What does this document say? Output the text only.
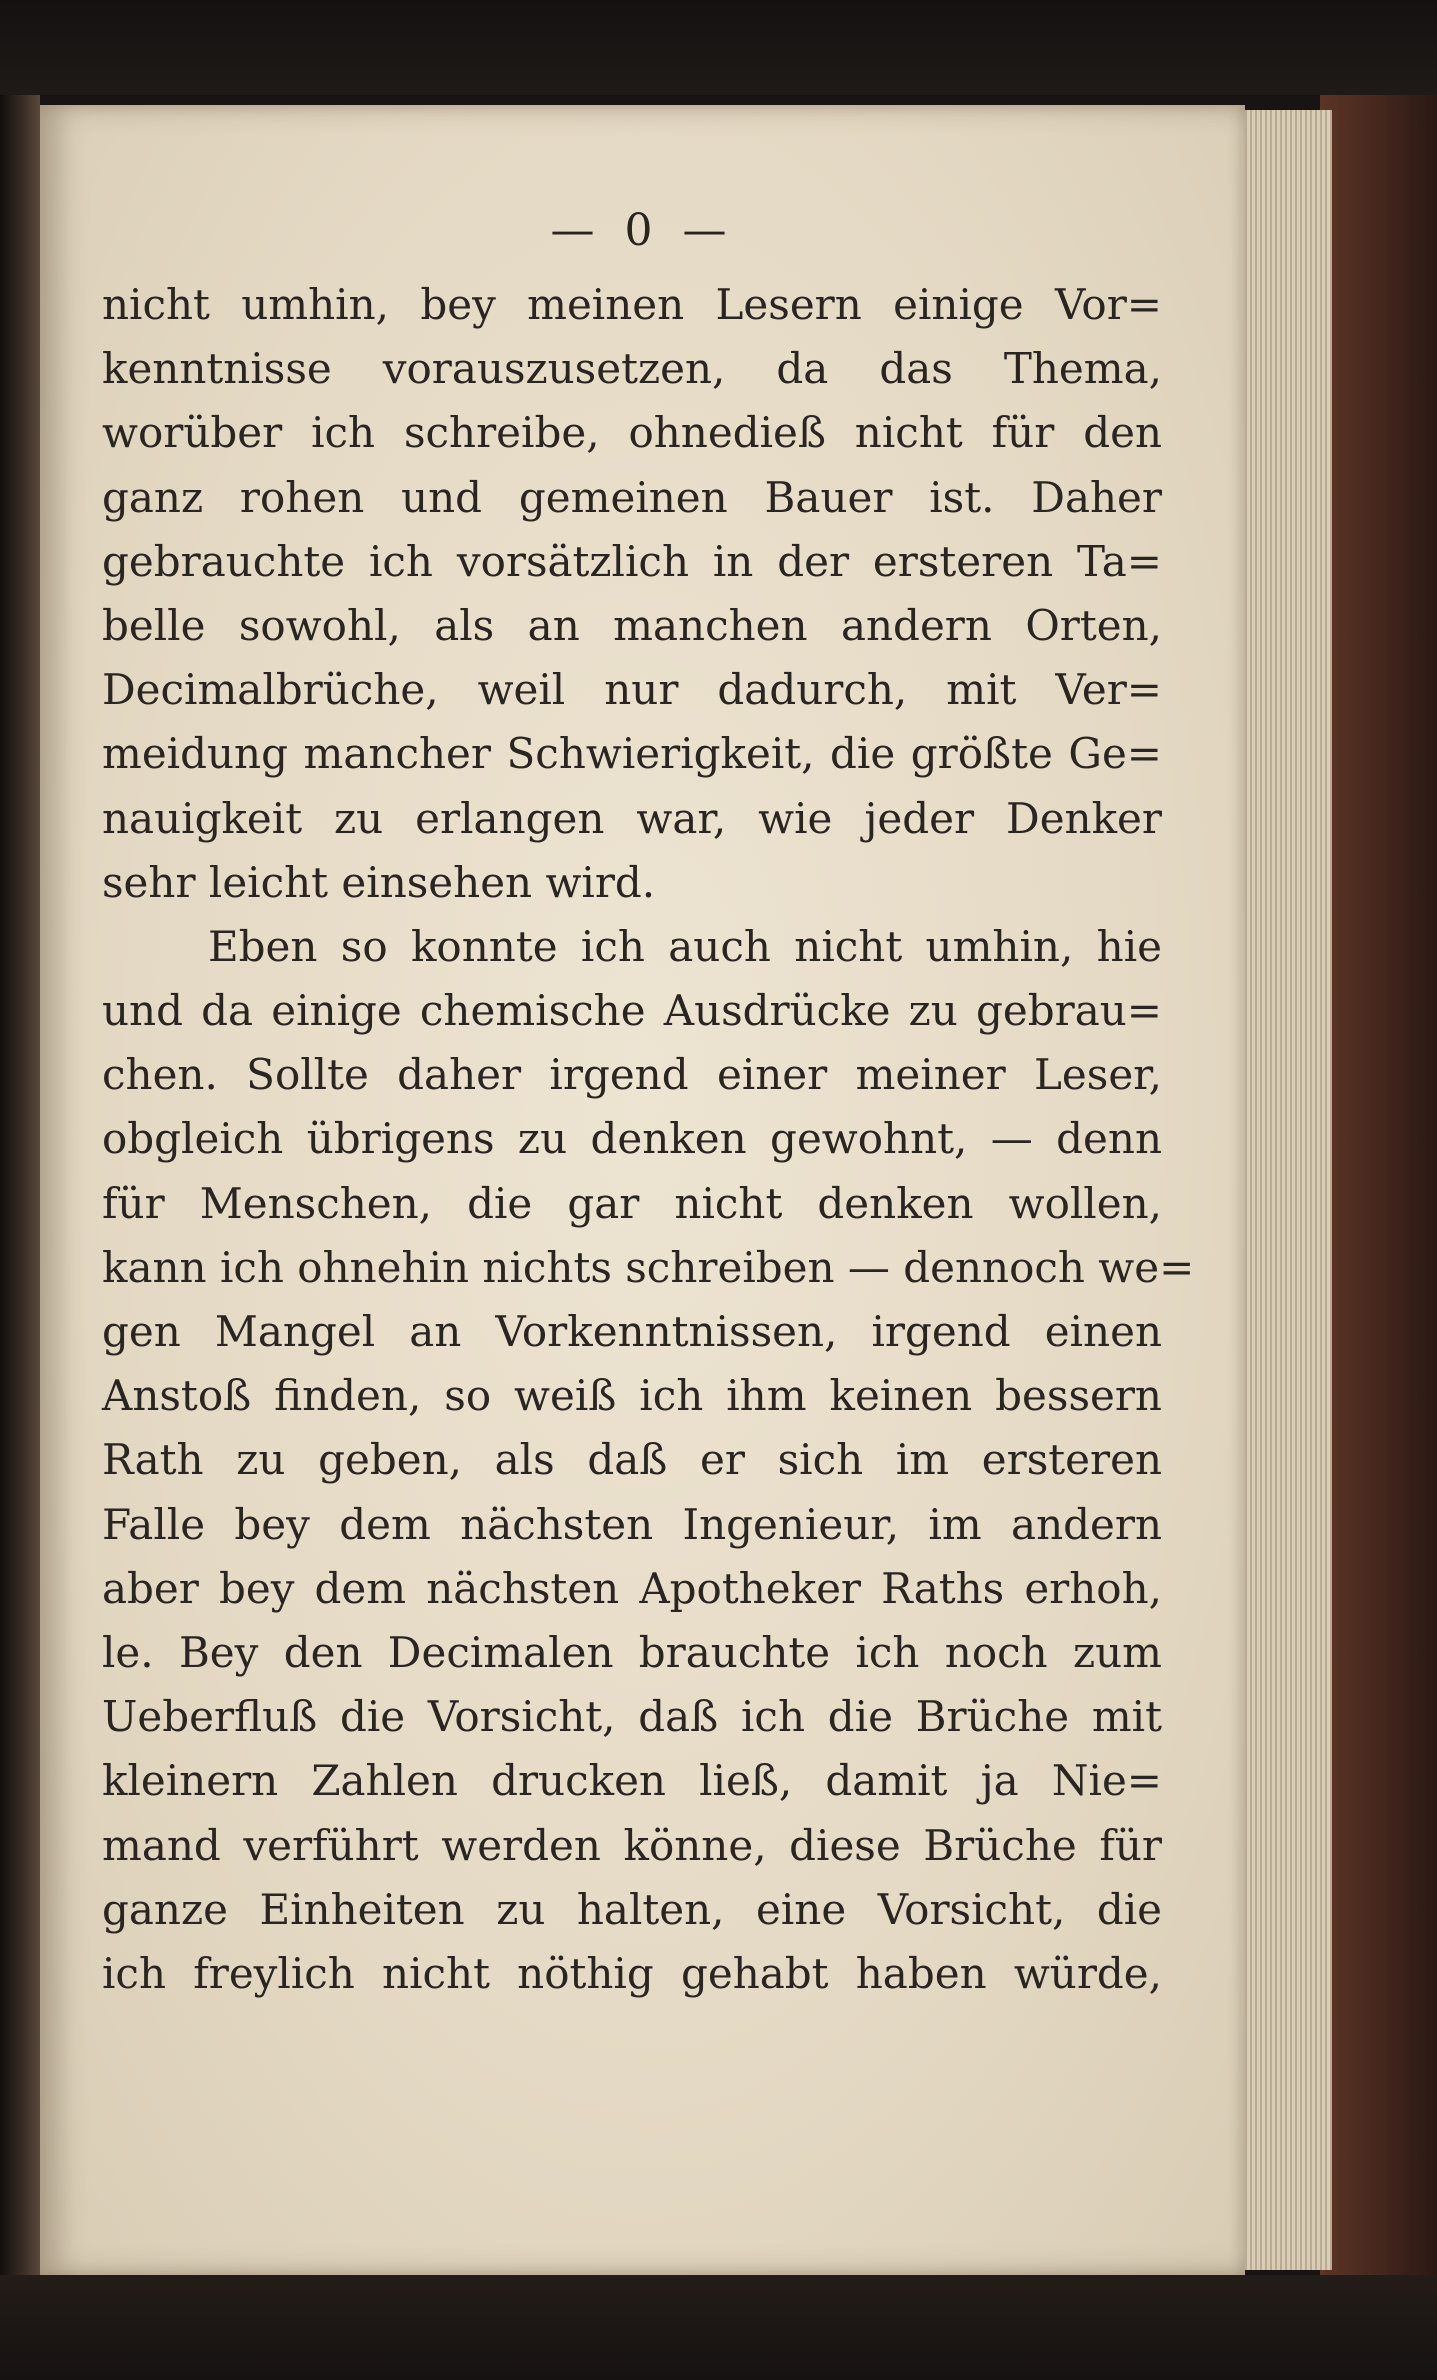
— 0 —
nicht umhin, bey meinen Lesern einige Vor=
kenntnisse vorauszusetzen, da das Thema,
worüber ich schreibe, ohnedieß nicht für den
ganz rohen und gemeinen Bauer ist. Daher
gebrauchte ich vorsätzlich in der ersteren Ta=
belle sowohl, als an manchen andern Orten,
Decimalbrüche, weil nur dadurch, mit Ver=
meidung mancher Schwierigkeit, die größte Ge=
nauigkeit zu erlangen war, wie jeder Denker
sehr leicht einsehen wird.
Eben so konnte ich auch nicht umhin, hie
und da einige chemische Ausdrücke zu gebrau=
chen. Sollte daher irgend einer meiner Leser,
obgleich übrigens zu denken gewohnt, — denn
für Menschen, die gar nicht denken wollen,
kann ich ohnehin nichts schreiben — dennoch we=
gen Mangel an Vorkenntnissen, irgend einen
Anstoß finden, so weiß ich ihm keinen bessern
Rath zu geben, als daß er sich im ersteren
Falle bey dem nächsten Ingenieur, im andern
aber bey dem nächsten Apotheker Raths erhoh,
le. Bey den Decimalen brauchte ich noch zum
Ueberfluß die Vorsicht, daß ich die Brüche mit
kleinern Zahlen drucken ließ, damit ja Nie=
mand verführt werden könne, diese Brüche für
ganze Einheiten zu halten, eine Vorsicht, die
ich freylich nicht nöthig gehabt haben würde,
